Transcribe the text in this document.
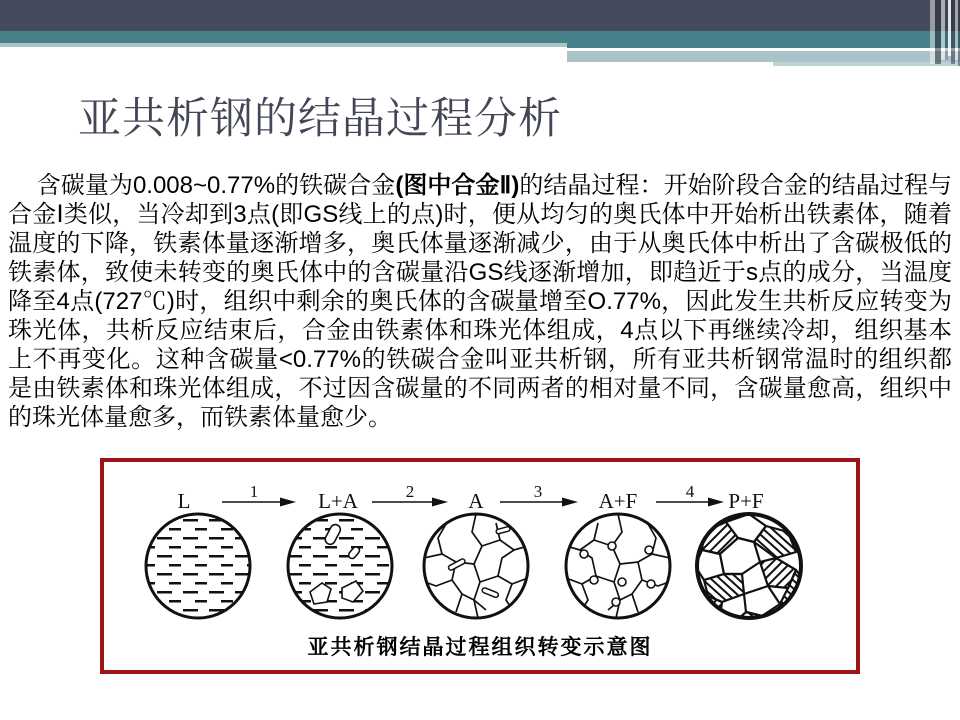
亚共析钢的结晶过程分析

含碳量为0.008~0.77%的铁碳合金(图中合金Ⅱ)的结晶过程：开始阶段合金的结晶过程与合金Ⅰ类似，当冷却到3点(即GS线上的点)时，便从均匀的奥氏体中开始析出铁素体，随着温度的下降，铁素体量逐渐增多，奥氏体量逐渐减少，由于从奥氏体中析出了含碳极低的铁素体，致使未转变的奥氏体中的含碳量沿GS线逐渐增加，即趋近于s点的成分，当温度降至4点(727℃)时，组织中剩余的奥氏体的含碳量增至O.77%，因此发生共析反应转变为珠光体，共析反应结束后，合金由铁素体和珠光体组成，4点以下再继续冷却，组织基本上不再变化。这种含碳量<0.77%的铁碳合金叫亚共析钢，所有亚共析钢常温时的组织都是由铁素体和珠光体组成，不过因含碳量的不同两者的相对量不同，含碳量愈高，组织中的珠光体量愈多，而铁素体量愈少。

L	L+A	A	A+F	P+F
1	2	3	4
亚共析钢结晶过程组织转变示意图
